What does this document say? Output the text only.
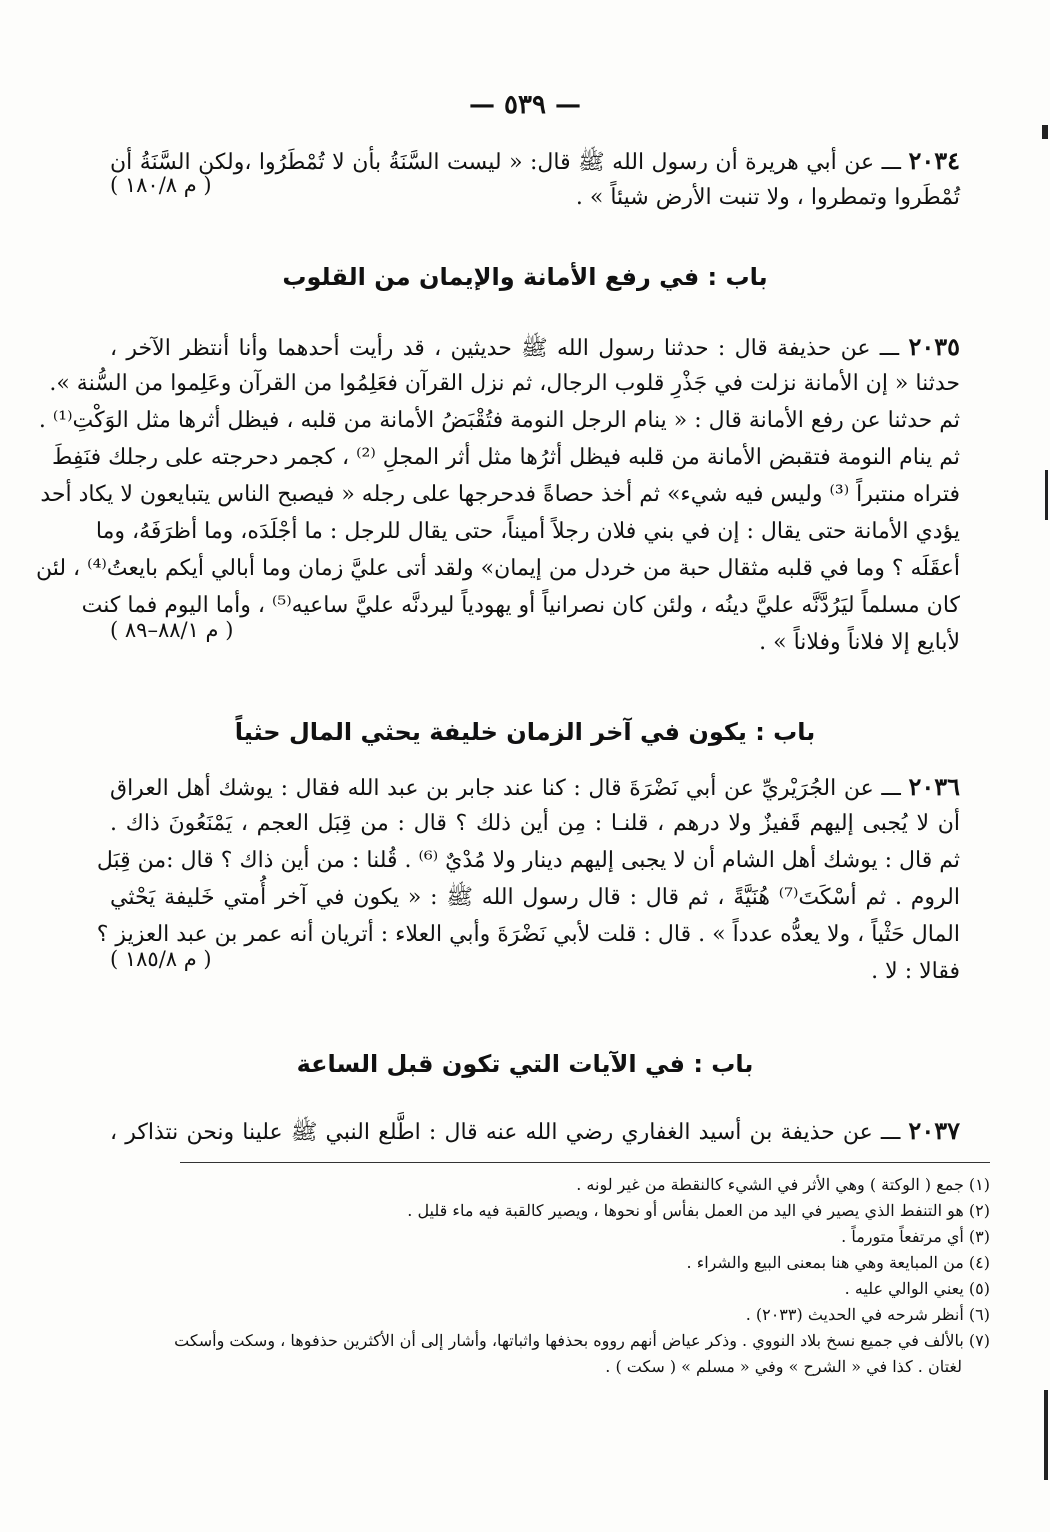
— ٥٣٩ —
٢٠٣٤ ـــ عن أبي هريرة أن رسول الله ﷺ قال: « ليست السَّنَةُ بأن لا تُمْطَرُوا ،ولكن السَّنَةُ أن
تُمْطَروا وتمطروا ، ولا تنبت الأرض شيئاً » .
( م ١٨٠/٨ )
باب : في رفع الأمانة والإيمان من القلوب
٢٠٣٥ ـــ عن حذيفة قال : حدثنا رسول الله ﷺ حديثين ، قد رأيت أحدهما وأنا أنتظر الآخر ،
حدثنا « إن الأمانة نزلت في جَذْرِ قلوب الرجال، ثم نزل القرآن فعَلِمُوا من القرآن وعَلِموا من السُّنة ».
ثم حدثنا عن رفع الأمانة قال : « ينام الرجل النومة فتُقْبَضُ الأمانة من قلبه ، فيظل أثرها مثل الوَكْتِ⁽¹⁾ .
ثم ينام النومة فتقبض الأمانة من قلبه فيظل أثرُها مثل أثر المجلِ ⁽²⁾ ، كجمر دحرجته على رجلك فنَفِطَ
فتراه منتبراً ⁽³⁾ وليس فيه شيء» ثم أخذ حصاةً فدحرجها على رجله « فيصبح الناس يتبايعون لا يكاد أحد
يؤدي الأمانة حتى يقال : إن في بني فلان رجلاً أميناً، حتى يقال للرجل : ما أجْلَدَه، وما أظرَفَهُ، وما
أعقَلَه ؟ وما في قلبه مثقال حبة من خردل من إيمان» ولقد أتى عليَّ زمان وما أبالي أيكم بايعتُ⁽⁴⁾ ، لئن
كان مسلماً ليَرُدَّنَّه عليَّ دينُه ، ولئن كان نصرانياً أو يهودياً ليردنَّه عليَّ ساعيه⁽⁵⁾ ، وأما اليوم فما كنت
لأبايع إلا فلاناً وفلاناً » .
( م ٨٨/١–٨٩ )
باب : يكون في آخر الزمان خليفة يحثي المال حثياً
٢٠٣٦ ـــ عن الجُرَيْريِّ عن أبي نَضْرَةَ قال : كنا عند جابر بن عبد الله فقال : يوشك أهل العراق
أن لا يُجبى إليهم قَفيزٌ ولا درهم ، قلنـا : مِن أين ذلك ؟ قال : من قِبَل العجم ، يَمْنَعُونَ ذاك .
ثم قال : يوشك أهل الشام أن لا يجبى إليهم دينار ولا مُدْيٌ ⁽⁶⁾ . قُلنا : من أين ذاك ؟ قال :من قِبَل
الروم . ثم أسْكَتَ⁽⁷⁾ هُنَيَّةً ، ثم قال : قال رسول الله ﷺ : « يكون في آخر أُمتي خَليفة يَحْثي
المال حَثْياً ، ولا يعدُّه عدداً » . قال : قلت لأبي نَضْرَةَ وأبي العلاء : أتريان أنه عمر بن عبد العزيز ؟
فقالا : لا .
( م ١٨٥/٨ )
باب : في الآيات التي تكون قبل الساعة
٢٠٣٧ ـــ عن حذيفة بن أسيد الغفاري رضي الله عنه قال : اطَّلع النبي ﷺ علينا ونحن نتذاكر ،
(١) جمع ( الوكتة ) وهي الأثر في الشيء كالنقطة من غير لونه .
(٢) هو التنفط الذي يصير في اليد من العمل بفأس أو نحوها ، ويصير كالقبة فيه ماء قليل .
(٣) أي مرتفعاً متورماً .
(٤) من المبايعة وهي هنا بمعنى البيع والشراء .
(٥) يعني الوالي عليه .
(٦) أنظر شرحه في الحديث (٢٠٣٣) .
(٧) بالألف في جميع نسخ بلاد النووي . وذكر عياض أنهم رووه بحذفها واثباتها، وأشار إلى أن الأكثرين حذفوها ، وسكت وأسكت
لغتان . كذا في « الشرح » وفي « مسلم » ( سكت ) .
